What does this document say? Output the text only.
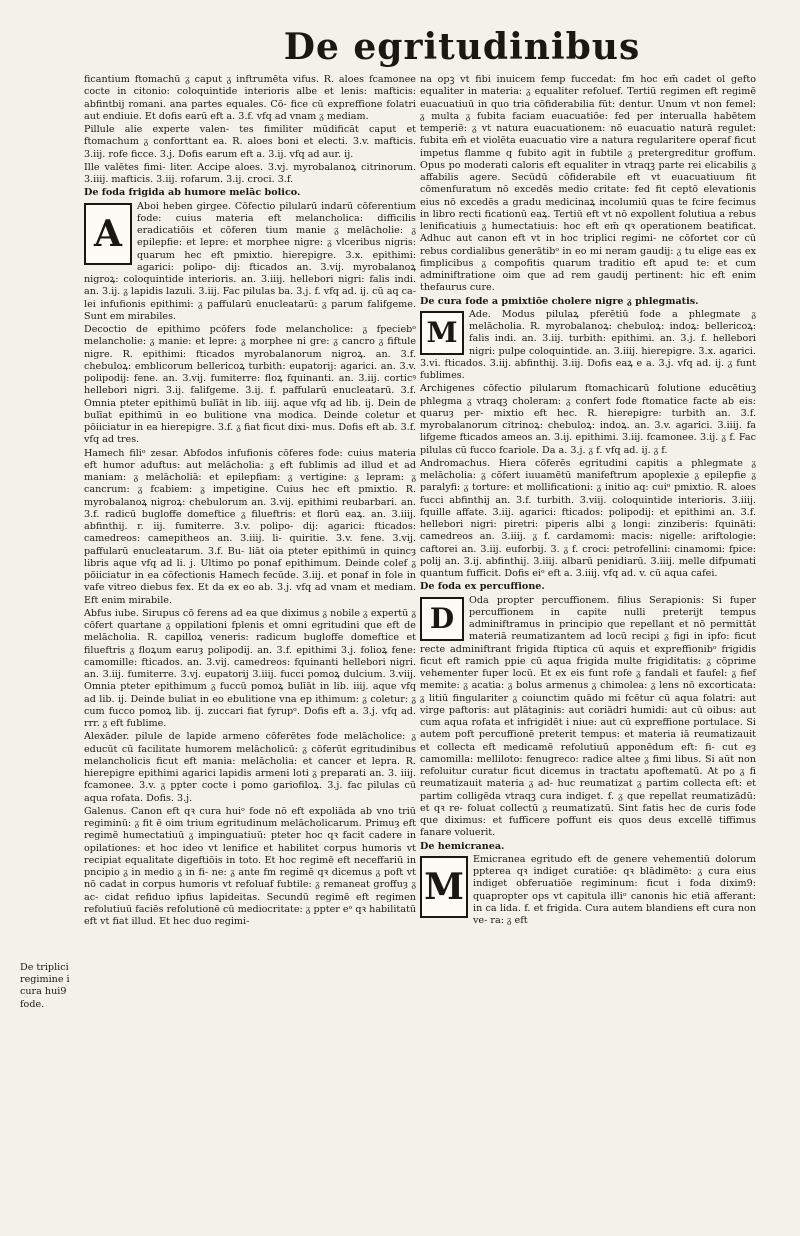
De egritudinibus
De triplici regimine i cura hui9 fode.

ficantium ftomachū ᵹ caput ᵹ inftrumēta vifus. R. aloes fcamonee cocte in citonio: coloquintide interioris albe et lenis: mafticis: abfintbij romani. ana partes equales. Cō- fice cū expreffione folatri aut endiuie. Et dofis earū eft a. 3.f. vfq ad vnam ᵹ mediam.

Pillule alie experte valen- tes fimiliter mūdificāt caput et ftomachum ᵹ conforttant ea. R. aloes boni et electi. 3.v. mafticis. 3.iij. rofe ficce. 3.j. Dofis earum eft a. 3.ij. vfq ad aur. ij.

Ille valētes fimi- liter. Accipe aloes. 3.vj. myrobalanoꝝ citrinorum. 3.iiij. mafticis. 3.iij. rofarum. 3.ij. croci. 3.f.

De foda frigida ab humore melāc bolico.

A

Aboi heben girgee. Cōfectio pilularū indarū cōferentium fode: cuius materia eft melancholica: difficilis eradicatiōis et cōferen tium manie ᵹ melācholie: ᵹ epilepfie: et lepre: et morphee nigre: ᵹ vlceribus nigris: quarum hec eft pmixtio. hierepigre. 3.x. epithimi: agarici: polipo- dij: fticados an. 3.vij. myrobalanoꝝ nigroꝝ: coloquintide interioris. an. 3.iiij. hellebori nigri: falis indi. an. 3.ij. ᵹ lapidis lazuli. 3.iij. Fac pilulas ba. 3.j. f. vfq ad. ij. cū aq ca- lei infufionis epithimi: ᵹ paffularū enucleatarū: ᵹ parum falifgeme. Sunt em mirabiles.

Decoctio de epithimo pcōfers fode melancholice: ᵹ fpeciebᵒ melancholie: ᵹ manie: et lepre: ᵹ morphee ni gre: ᵹ cancro ᵹ fiftule nigre. R. epithimi: fticados myrobalanorum nigroꝝ. an. 3.f. chebuloꝝ: emblicorum bellericoꝝ turbith: eupatorij: agarici. an. 3.v. polipodij: fene. an. 3.vij. fumiterre: floꝝ fquinanti. an. 3.iij. corticꝰ hellebori nigri. 3.ij. falifgeme. 3.ij. f. paffularū enucleatarū. 3.f. Omnia pteter epithimū bulīāt in lib. iiij. aque vfq ad lib. ij. Dein de bulīat epithimū in eo bulitione vna modica. Deinde coletur et pōiiciatur in ea hierepigre. 3.f. ᵹ fiat ficut dixi- mus. Dofis eft ab. 3.f. vfq ad tres.

Hamech filiᵒ zesar. Abfodos infufionis cōferes fode: cuius materia eft humor aduftus: aut melācholia: ᵹ eft fublimis ad illud et ad maniam: ᵹ melācholiā: et epilepfiam: ᵹ vertigine: ᵹ lepram: ᵹ cancrum: ᵹ fcabiem: ᵹ impetigine. Cuius hec eft pmixtio. R. myrobalanoꝝ nigroꝝ: chebulorum an. 3.vij. epithimi reubarbari. an. 3.f. radicū bugloffe domeftice ᵹ filueftris: et florū eaꝝ. an. 3.iiij. abfinthij. r. iij. fumiterre. 3.v. polipo- dij: agarici: fticados: camedreos: camepitheos an. 3.iiij. li- quiritie. 3.v. fene. 3.vij. paffularū enucleatarum. 3.f. Bu- liāt oia pteter epithimū in quincȝ libris aque vfq ad li. j. Ultimo po ponaf epithimum. Deinde colef ᵹ pōiiciatur in ea cōfectionis Hamech fecūde. 3.iij. et ponaf in fole in vafe vitreo diebus fex. Et da ex eo ab. 3.j. vfq ad vnam et mediam. Eft enim mirabile.

Abfus iube. Sirupus cō ferens ad ea que diximus ᵹ nobile ᵹ expertū ᵹ cōfert quartane ᵹ oppilationi fplenis et omni egritudini que eft de melācholia. R. capilloꝝ veneris: radicum bugloffe domeftice et filueftris ᵹ floꝝum earuȝ polipodij. an. 3.f. epithimi 3.j. folioꝝ fene: camomille: fticados. an. 3.vij. camedreos: fquinanti hellebori nigri. an. 3.iij. fumiterre. 3.vj. eupatorij 3.iiij. fucci pomoꝝ dulcium. 3.viij. Omnia pteter epithimum ᵹ fuccū pomoꝝ bulīāt in lib. iiij. aque vfq ad lib. ij. Deinde buliat in eo ebulitione vna ep ithimum: ᵹ coletur: ᵹ cum fucco pomoꝝ lib. ij. zuccari fiat fyrupᵒ. Dofis eft a. 3.j. vfq ad. rrr. ᵹ eft fublime.

Alexāder. pilule de lapide armeno cōferētes fode melācholice: ᵹ educūt cū facilitate humorem melācholicū: ᵹ cōferūt egritudinibus melancholicis ficut eft mania: melācholia: et cancer et lepra. R. hierepigre epithimi agarici lapidis armeni loti ᵹ preparati an. 3. iiij. fcamonee. 3.v. ᵹ ppter cocte i pomo gariofiloꝝ. 3.j. fac pilulas cū aqua rofata. Dofis. 3.j.

Galenus. Canon eft qꝛ cura huiᵒ fode nō eft expoliāda ab vno triū regiminū: ᵹ fit ē oim trium egritudinum melācholicarum. Primuȝ eft regimē humectatiuū ᵹ impinguatiuū: pteter hoc qꝛ facit cadere in opilationes: et hoc ideo vt lenifice et habilitet corpus humoris vt recipiat equalitate digeftiōis in toto. Et hoc regimē eft neceffariū in pncipio ᵹ in medio ᵹ in fi- ne: ᵹ ante fm regimē qꝛ dicemus ᵹ poft vt nō cadat in corpus humoris vt refoluaf fubtile: ᵹ remaneat groffuȝ ᵹ ac- cidat refiduo ipfius lapideitas. Secundū regimē eft regimen refolutiuū faciēs refolutionē cū mediocritate: ᵹ ppter eᵒ qꝛ habilitatū eft vt fiat illud. Et hec duo regimi-

na opꝫ vt fibi inuicem femp fuccedat: fm hoc em̄ cadet ol gefto equaliter in materia: ᵹ equaliter refoluef. Tertiū regimen eft regimē euacuatiuū in quo tria cōfiderabilia fūt: dentur. Unum vt non femel: ᵹ multa ᵹ fubita faciam euacuatiōe: fed per interualla habētem temperiē: ᵹ vt natura euacuationem: nō euacuatio naturā regulet: fubita em̄ et violēta euacuatio vire a natura regularitere operaf ficut impetus flamme q fubito agit in fubtile ᵹ pretergreditur groffum. Opus po moderati caloris eft equaliter in vtraqꝫ parte rei elicabilis ᵹ affabilis agere. Secūdū cōfiderabile eft vt euacuatiuum fit cōmenfuratum nō excedēs medio critate: fed fit ceptō elevationis eius nō excedēs a gradu medicinaꝝ incolumiū quas te fcire fecimus in libro recti ficationū eaꝝ. Tertiū eft vt nō expollent folutiua a rebus lenificatiuis ᵹ humectatiuis: hoc eft em̄ qꝛ operationem beatificat. Adhuc aut canon eft vt in hoc triplici regimi- ne cōfortet cor cū rebus cordialibus generātibᵒ in eo mi neram gaudij: ᵹ tu elige eas ex fimplicibus ᵹ compofitis quarum traditio eft apud te: et cum adminiftratione oim que ad rem gaudij pertinent: hic eft enim thefaurus cure.

De cura fode a pmixtiōe cholere nigre ᵹ phlegmatis.

M

Ade. Modus pilulaꝝ pferētiū fode a phlegmate ᵹ melācholia. R. myrobalanoꝝ: chebuloꝝ: indoꝝ: bellericoꝝ: falis indi. an. 3.iij. turbith: epithimi. an. 3.j. f. hellebori nigri: pulpe coloquintide. an. 3.iiij. hierepigre. 3.x. agarici. 3.vi. fticados. 3.iij. abfinthij. 3.iij. Dofis eaꝝ e a. 3.j. vfq ad. ij. ᵹ funt fublimes.

Archigenes cōfectio pilularum ftomachicarū folutione educētiuꝫ phlegma ᵹ vtraqꝫ choleram: ᵹ confert fode ftomatice facte ab eis: quaruȝ per- mixtio eft hec. R. hierepigre: turbith an. 3.f. myrobalanorum citrinoꝝ: chebuloꝝ: indoꝝ. an. 3.v. agarici. 3.iiij. fa lifgeme fticados ameos an. 3.ij. epithimi. 3.iij. fcamonee. 3.ij. ᵹ f. Fac pilulas cū fucco fcariole. Da a. 3.j. ᵹ f. vfq ad. ij. ᵹ f.

Andromachus. Hiera cōferēs egritudini capitis a phlegmate ᵹ melācholia: ᵹ cōfert iuuamētū manifeftrum apoplexie ᵹ epilepfie ᵹ paralyfi: ᵹ torture: et mollificationi: ᵹ initio aq: cuiᵒ pmixtio. R. aloes fucci abfinthij an. 3.f. turbith. 3.viij. coloquintide interioris. 3.iiij. fquille affate. 3.iij. agarici: fticados: polipodij: et epithimi an. 3.f. hellebori nigri: piretri: piperis albi ᵹ longi: zinziberis: fquināti: camedreos an. 3.iiij. ᵹ f. cardamomi: macis: nigelle: ariftologie: caftorei an. 3.iij. euforbij. 3. ᵹ f. croci: petrofellini: cinamomi: fpice: polij an. 3.ij. abfinthij. 3.iiij. albarū penidiarū. 3.iiij. melle difpumati quantum fufficit. Dofis eiᵒ eft a. 3.iiij. vfq ad. v. cū aqua cafei.

De foda ex percuffione.

D

Oda propter percuffionem. filius Serapionis: Si fuper percuffionem in capite nulli preterijt tempus adminiftramus in principio que repellant et nō permittāt materiā reumatizantem ad locū recipi ᵹ figi in ipfo: ficut recte adminiftrant frigida ftiptica cū aquis et expreffionibᵒ frigidis ficut eft ramich ppie cū aqua frigida multe frigiditatis: ᵹ cōprime vehementer fuper locū. Et ex eis funt rofe ᵹ fandali et faufel: ᵹ fief memite: ᵹ acatia: ᵹ bolus armenus ᵹ chimolea: ᵹ lens nō excorticata: ᵹ litiū fingulariter ᵹ coiunctim quādo mi fcētur cū aqua folatri: aut virge paftoris: aut plātaginis: aut coriādri humidi: aut cū oibus: aut cum aqua rofata et infrigidēt i niue: aut cū expreffione portulace. Si autem poft percuffionē preterit tempus: et materia iā reumatizauit et collecta eft medicamē refolutiuū apponēdum eft: fi- cut eȝ camomilla: melliloto: fenugreco: radice altee ᵹ fimi libus. Si aūt non refoluitur curatur ficut dicemus in tractatu apoftematū. At po ᵹ fi reumatizauit materia ᵹ ad- huc reumatizat ᵹ partim collecta eft: et partim colligēda vtraqꝫ cura indiget. f. ᵹ que repellat reumatizādū: et qꝛ re- foluat collectū ᵹ reumatizatū. Sint fatis hec de curis fode que diximus: et fufficere poffunt eis quos deus excellē tiffimus fanare voluerit.

De hemicranea.

M

Emicranea egritudo eft de genere vehementiū dolorum ppterea qꝛ indiget curatiōe: qꝛ blādimēto: ᵹ cura eius indiget obferuatiōe regiminum: ficut i foda dixim9: quapropter ops vt capitula illiᵒ canonis hic etiā afferant: in ca lida. f. et frigida. Cura autem blandiens eft cura non ve- ra: ᵹ eft
